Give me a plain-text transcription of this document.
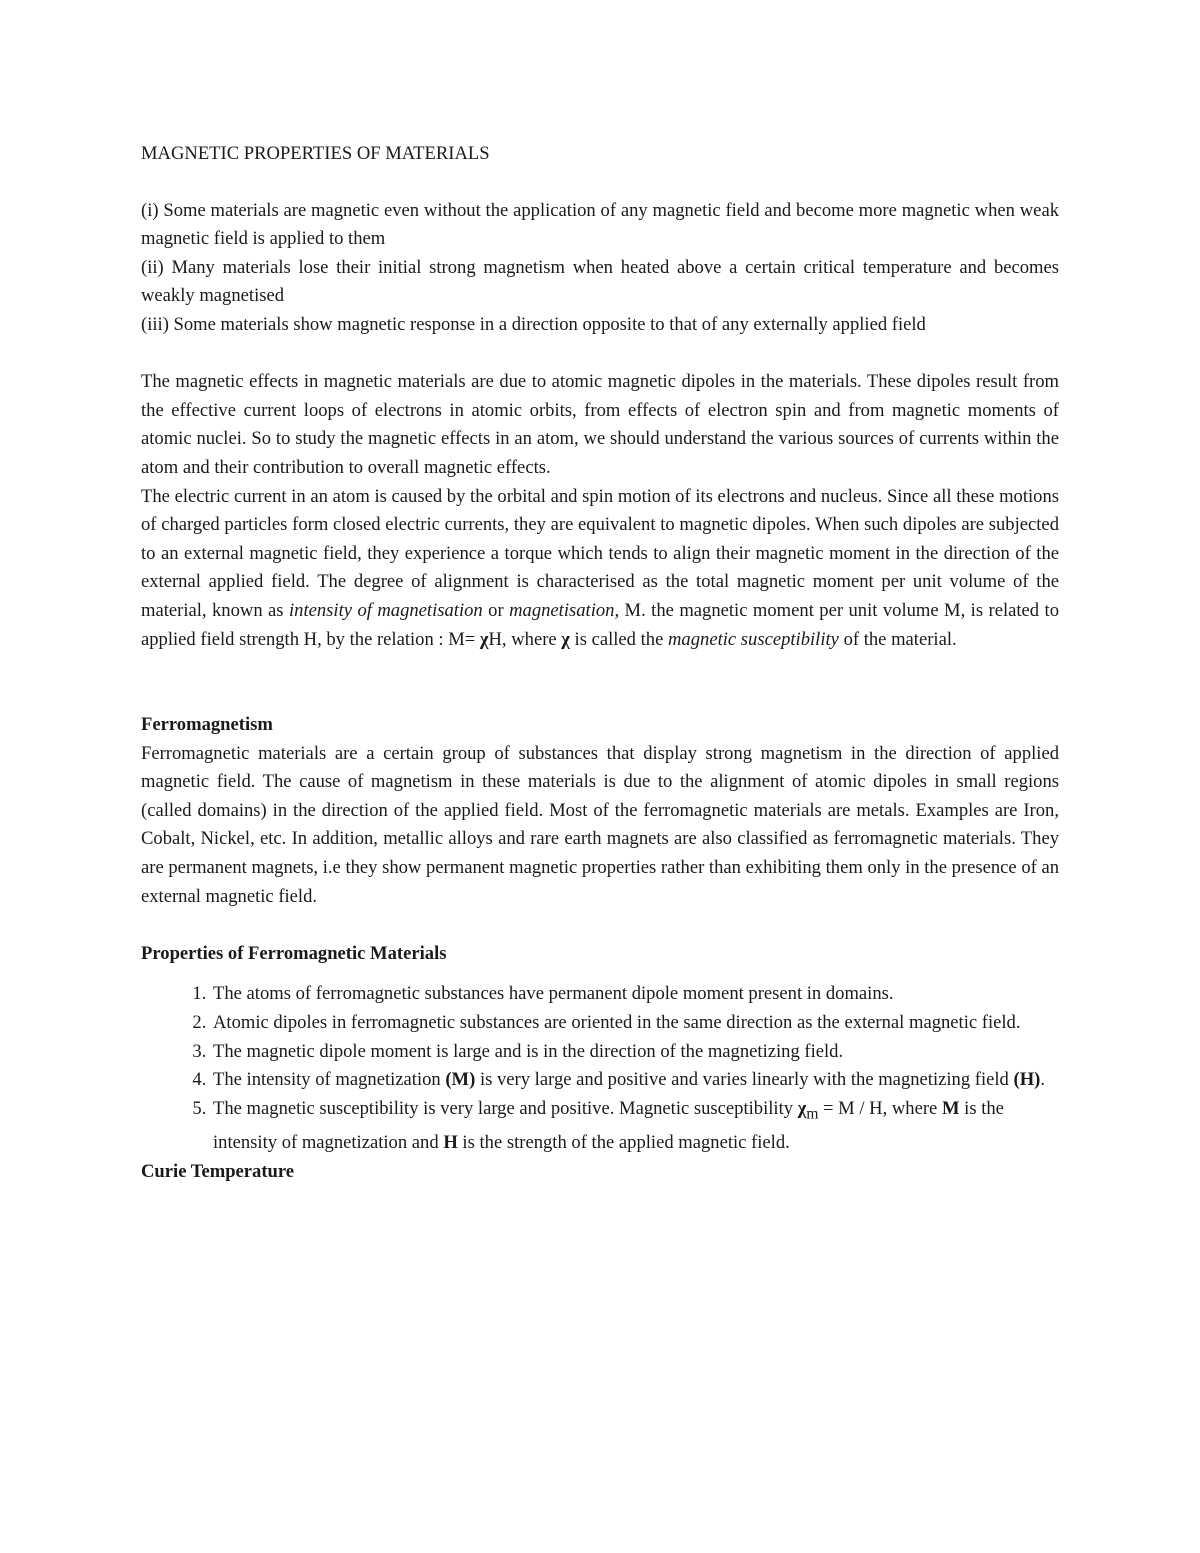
MAGNETIC PROPERTIES OF MATERIALS

(i) Some materials are magnetic even without the application of any magnetic field and become more magnetic when weak magnetic field is applied to them

(ii) Many materials lose their initial strong magnetism when heated above a certain critical temperature and becomes weakly magnetised

(iii) Some materials show magnetic response in a direction opposite to that of any externally applied field

The magnetic effects in magnetic materials are due to atomic magnetic dipoles in the materials. These dipoles result from the effective current loops of electrons in atomic orbits, from effects of electron spin and from magnetic moments of atomic nuclei. So to study the magnetic effects in an atom, we should understand the various sources of currents within the atom and their contribution to overall magnetic effects.

The electric current in an atom is caused by the orbital and spin motion of its electrons and nucleus. Since all these motions of charged particles form closed electric currents, they are equivalent to magnetic dipoles. When such dipoles are subjected to an external magnetic field, they experience a torque which tends to align their magnetic moment in the direction of the external applied field. The degree of alignment is characterised as the total magnetic moment per unit volume of the material, known as intensity of magnetisation or magnetisation, M. the magnetic moment per unit volume M, is related to applied field strength H, by the relation : M= χH, where χ is called the magnetic susceptibility of the material.

Ferromagnetism

Ferromagnetic materials are a certain group of substances that display strong magnetism in the direction of applied magnetic field. The cause of magnetism in these materials is due to the alignment of atomic dipoles in small regions (called domains) in the direction of the applied field. Most of the ferromagnetic materials are metals. Examples are Iron, Cobalt, Nickel, etc. In addition, metallic alloys and rare earth magnets are also classified as ferromagnetic materials. They are permanent magnets, i.e they show permanent magnetic properties rather than exhibiting them only in the presence of an external magnetic field.

Properties of Ferromagnetic Materials
1. The atoms of ferromagnetic substances have permanent dipole moment present in domains.
2. Atomic dipoles in ferromagnetic substances are oriented in the same direction as the external magnetic field.
3. The magnetic dipole moment is large and is in the direction of the magnetizing field.
4. The intensity of magnetization (M) is very large and positive and varies linearly with the magnetizing field (H).
5. The magnetic susceptibility is very large and positive. Magnetic susceptibility $\chi_m = M / H$, where M is the intensity of magnetization and H is the strength of the applied magnetic field.
Curie Temperature
